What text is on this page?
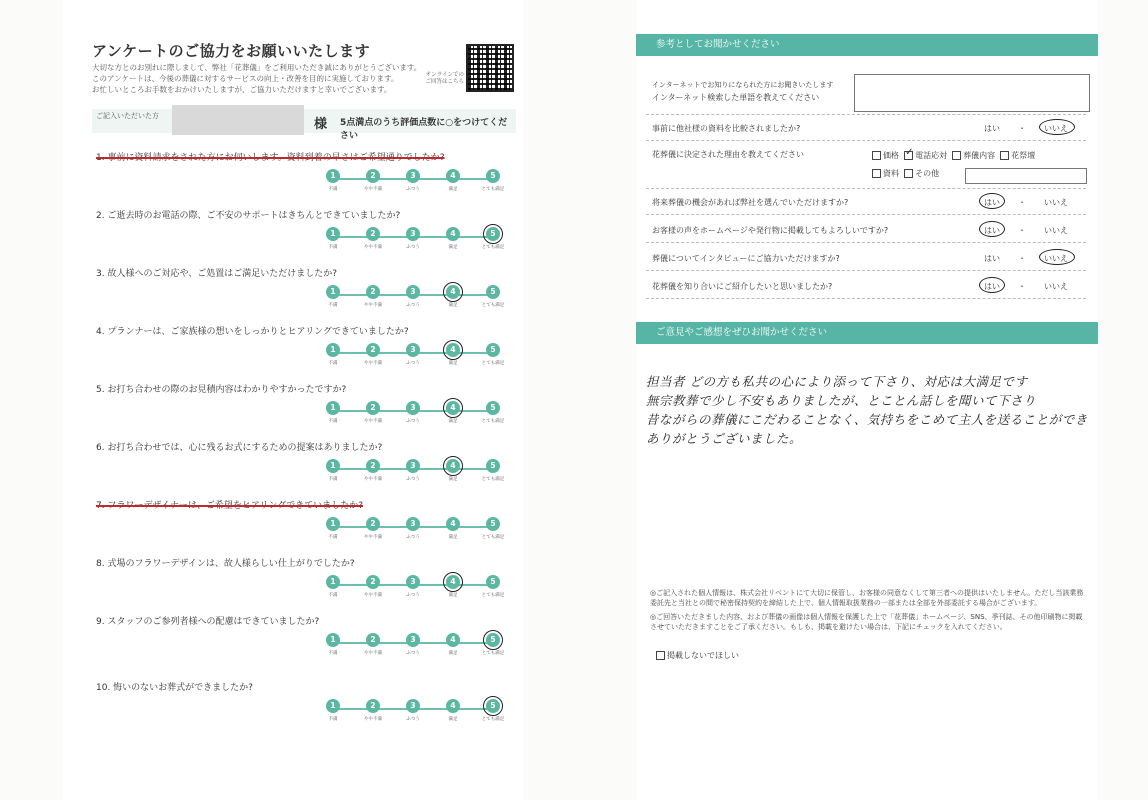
アンケートのご協力をお願いいたします
大切な方とのお別れに際しまして、弊社「花葬儀」をご利用いただき誠にありがとうございます。
このアンケートは、今後の葬儀に対するサービスの向上・改善を目的に実施しております。
お忙しいところお手数をおかけいたしますが、ご協力いただけますと幸いでございます。
オンラインでのご回答はこちら
ご記入いただいた方
様 5点満点のうち評価点数に○をつけてください
1. 事前に資料請求をされた方にお伺いします。資料到着の早さはご希望通りでしたか?
1
不満
2
やや不満
3
ふつう
4
満足
5
とても満足
2. ご逝去時のお電話の際、ご不安のサポートはきちんとできていましたか?
1
不満
2
やや不満
3
ふつう
4
満足
5
とても満足
3. 故人様へのご対応や、ご処置はご満足いただけましたか?
1
不満
2
やや不満
3
ふつう
4
満足
5
とても満足
4. プランナーは、ご家族様の想いをしっかりとヒアリングできていましたか?
1
不満
2
やや不満
3
ふつう
4
満足
5
とても満足
5. お打ち合わせの際のお見積内容はわかりやすかったですか?
1
不満
2
やや不満
3
ふつう
4
満足
5
とても満足
6. お打ち合わせでは、心に残るお式にするための提案はありましたか?
1
不満
2
やや不満
3
ふつう
4
満足
5
とても満足
7. フラワーデザイナーは、ご希望をヒアリングできていましたか?
1
不満
2
やや不満
3
ふつう
4
満足
5
とても満足
8. 式場のフラワーデザインは、故人様らしい仕上がりでしたか?
1
不満
2
やや不満
3
ふつう
4
満足
5
とても満足
9. スタッフのご参列者様への配慮はできていましたか?
1
不満
2
やや不満
3
ふつう
4
満足
5
とても満足
10. 悔いのないお葬式ができましたか?
1
不満
2
やや不満
3
ふつう
4
満足
5
とても満足
参考としてお聞かせください
インターネットでお知りになられた方にお聞きいたします
インターネット検索した単語を教えてください
事前に他社様の資料を比較されましたか?	はい ・ いいえ
花葬儀に決定された理由を教えてください	価格 ✓ 電話応対 葬儀内容 花祭壇
資料 その他
将来葬儀の機会があれば弊社を選んでいただけますか?	はい ・ いいえ
お客様の声をホームページや発行物に掲載してもよろしいですか?	はい ・ いいえ
葬儀についてインタビューにご協力いただけますか?	はい ・ いいえ
花葬儀を知り合いにご紹介したいと思いましたか?	はい ・ いいえ
ご意見やご感想をぜひお聞かせください
担当者 どの方も私共の心により添って下さり、対応は大満足です
無宗教葬で少し不安もありましたが、とことん話しを聞いて下さり
昔ながらの葬儀にこだわることなく、気持ちをこめて主人を送ることができ
ありがとうございました。
◎ご記入された個人情報は、株式会社リベントにて大切に保管し、お客様の同意なくして第三者への提供はいたしません。ただし当該業務委託先と当社との間で秘密保持契約を締結した上で、個人情報取扱業務の一部または全部を外部委託する場合がございます。
◎ご回答いただきました内容、および葬儀の画像は個人情報を保護した上で「花葬儀」ホームページ、SNS、季刊誌、その他印刷物に掲載させていただきますことをご了承ください。もしも、掲載を避けたい場合は、下記にチェックを入れてください。
掲載しないでほしい
